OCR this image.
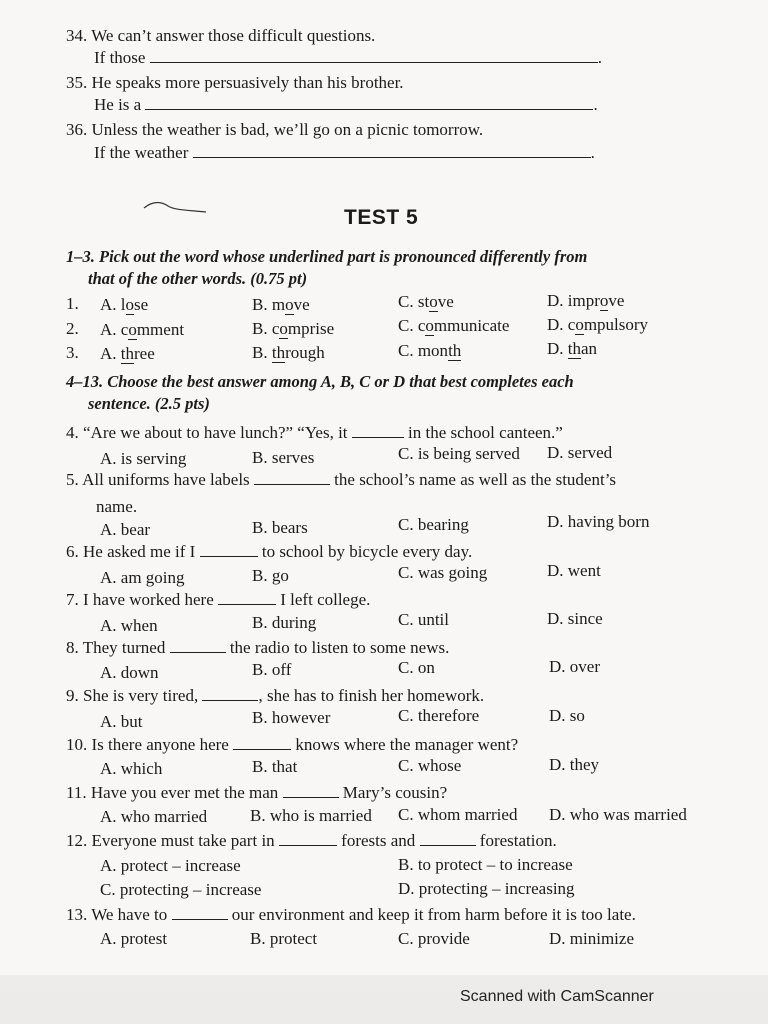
34. We can’t answer those difficult questions.
If those	.
35. He speaks more persuasively than his brother.
He is a	.
36. Unless the weather is bad, we’ll go on a picnic tomorrow.
If the weather	.
TEST 5
1–3. Pick out the word whose underlined part is pronounced differently from
that of the other words. (0.75 pt)
1. A. lose	B. move	C. stove	D. improve
2. A. comment	B. comprise	C. communicate D. compulsory
3. A. three	B. through	C. month	D. than
4–13. Choose the best answer among A, B, C or D that best completes each
sentence. (2.5 pts)
4. “Are we about to have lunch?” “Yes, it	in the school canteen.”
A. is serving	B. serves	C. is being served D. served
5. All uniforms have labels	the school’s name as well as the student’s
name.
A. bear	B. bears	C. bearing	D. having born
6. He asked me if I	to school by bicycle every day.
A. am going	B. go	C. was going	D. went
7. I have worked here	I left college.
A. when	B. during	C. until	D. since
8. They turned	the radio to listen to some news.
A. down	B. off	C. on	D. over
9. She is very tired,	, she has to finish her homework.
A. but	B. however	C. therefore	D. so
10. Is there anyone here	knows where the manager went?
A. which	B. that	C. whose	D. they
11. Have you ever met the man	Mary’s cousin?
A. who married	B. who is married C. whom married D. who was married
12. Everyone must take part in	forests and	forestation.
A. protect – increase	B. to protect – to increase
C. protecting – increase	D. protecting – increasing
13. We have to	our environment and keep it from harm before it is too late.
A. protest	B. protect	C. provide	D. minimize
Scanned with CamScanner
